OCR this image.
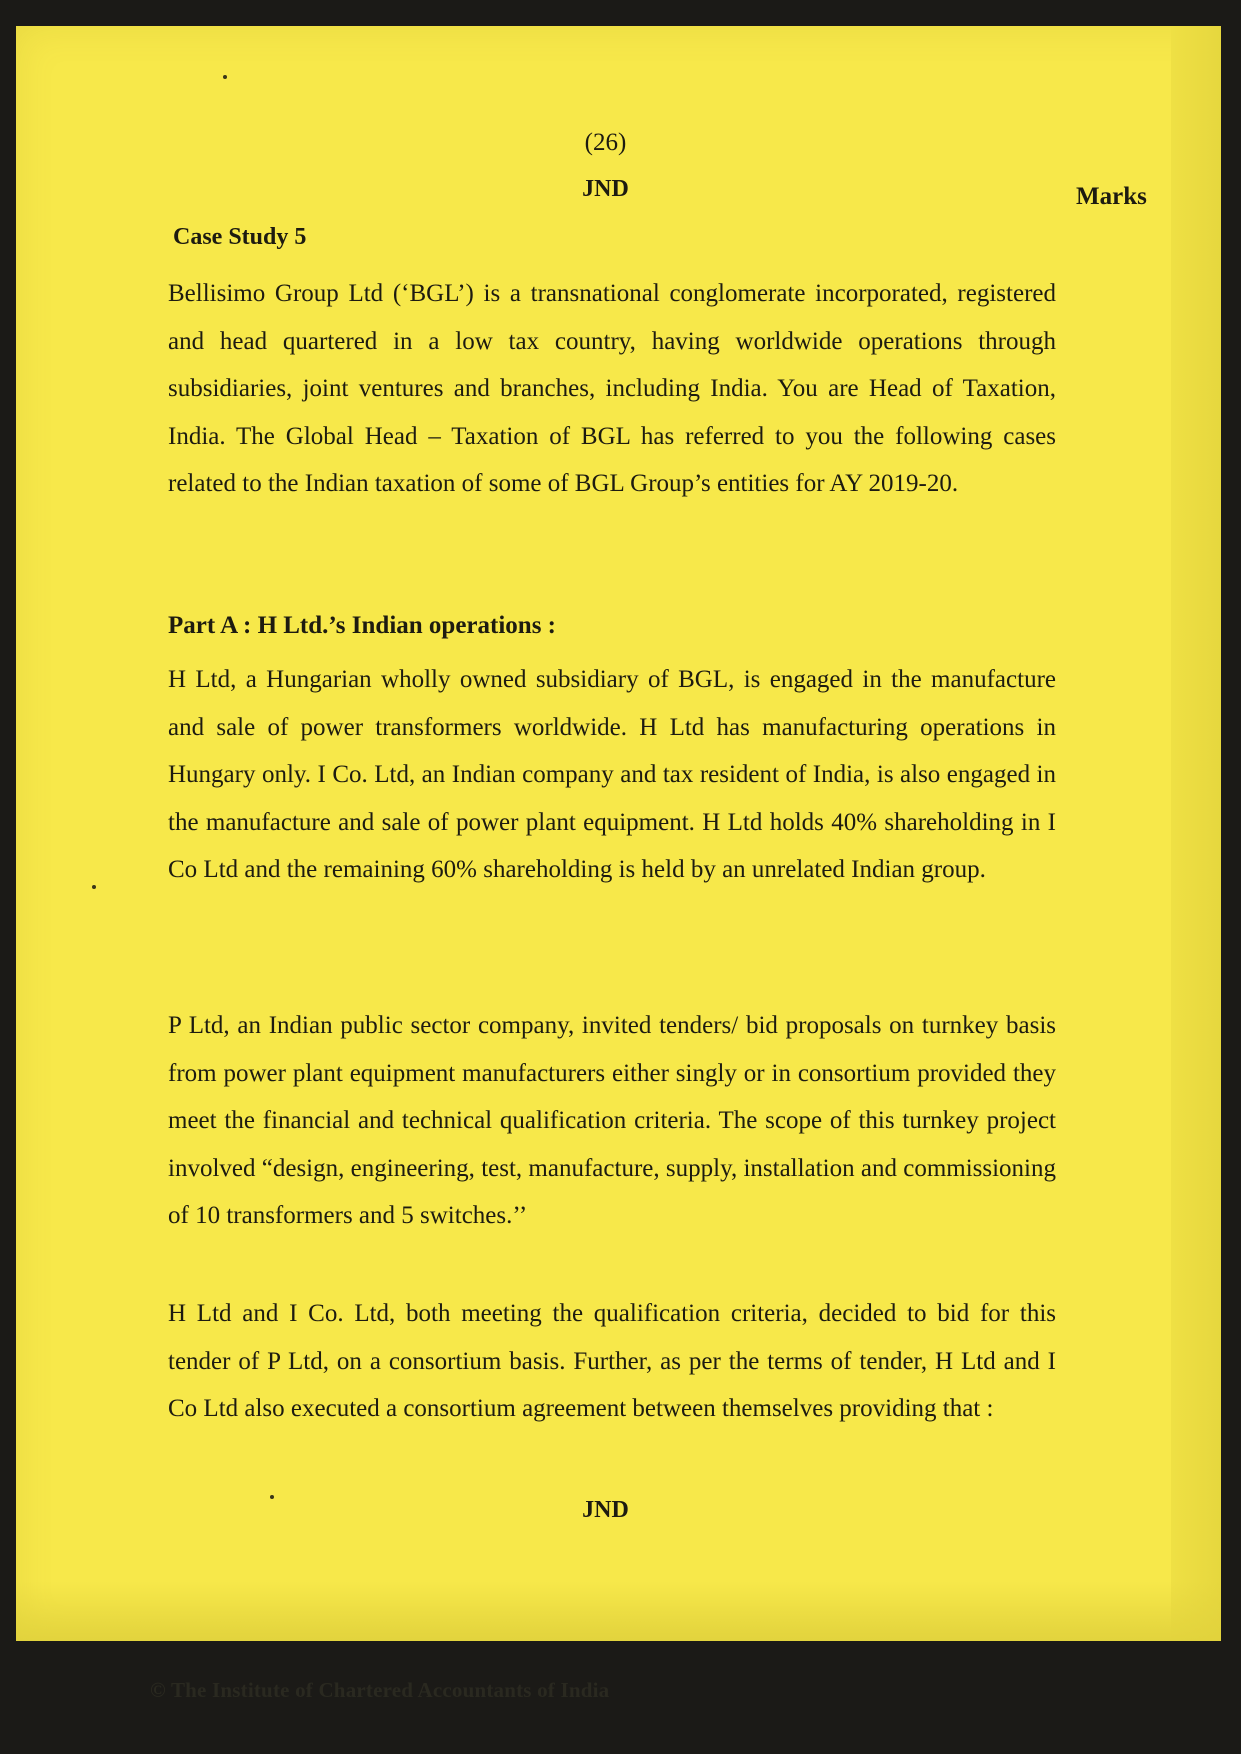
(26)
JND	Marks
Case Study 5
Bellisimo Group Ltd (‘BGL’) is a transnational conglomerate incorporated, registered and head quartered in a low tax country, having worldwide operations through subsidiaries, joint ventures and branches, including India. You are Head of Taxation, India. The Global Head – Taxation of BGL has referred to you the following cases related to the Indian taxation of some of BGL Group’s entities for AY 2019-20.
Part A : H Ltd.’s Indian operations :
H Ltd, a Hungarian wholly owned subsidiary of BGL, is engaged in the manufacture and sale of power transformers worldwide. H Ltd has manufacturing operations in Hungary only. I Co. Ltd, an Indian company and tax resident of India, is also engaged in the manufacture and sale of power plant equipment. H Ltd holds 40% shareholding in I Co Ltd and the remaining 60% shareholding is held by an unrelated Indian group.
P Ltd, an Indian public sector company, invited tenders/ bid proposals on turnkey basis from power plant equipment manufacturers either singly or in consortium provided they meet the financial and technical qualification criteria. The scope of this turnkey project involved “design, engineering, test, manufacture, supply, installation and commissioning of 10 transformers and 5 switches.’’
H Ltd and I Co. Ltd, both meeting the qualification criteria, decided to bid for this tender of P Ltd, on a consortium basis. Further, as per the terms of tender, H Ltd and I Co Ltd also executed a consortium agreement between themselves providing that :
JND
© The Institute of Chartered Accountants of India
